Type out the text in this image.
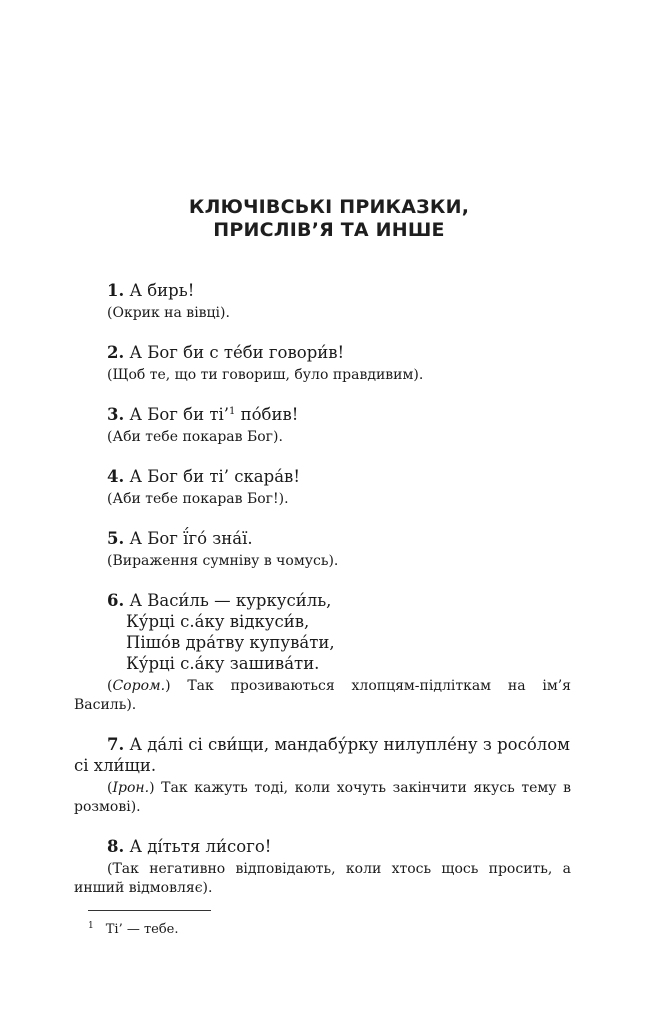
КЛЮЧІВСЬКІ ПРИКАЗКИ,
ПРИСЛІВ’Я ТА ИНШЕ
1. А бирь!
(Окрик на вівці).
2. А Бог би с те́би говори́в!
(Щоб те, що ти говориш, було правдивим).
3. А Бог би ті’$^1$ по́бив!
(Аби тебе покарав Бог).
4. А Бог би ті’ скара́в!
(Аби тебе покарав Бог!).
5. А Бог ї́го́ зна́ї.
(Вираження сумніву в чомусь).
6. А Васи́ль — куркуси́ль,
Ку́рці с.а́ку відкуси́в,
Пішо́в дра́тву купува́ти,
Ку́рці с.а́ку зашива́ти.
(Сором.) Так прозиваються хлопцям-підліткам на ім’я Василь).
7. А да́лі сі сви́щи, мандабу́рку нилупле́ну з росо́лом сі хли́щи.
(Ірон.) Так кажуть тоді, коли хочуть закінчити якусь тему в розмові).
8. А ді́тьтя ли́сого!
(Так негативно відповідають, коли хтось щось просить, а инший відмовляє).
$^1$ Ті’ — тебе.
